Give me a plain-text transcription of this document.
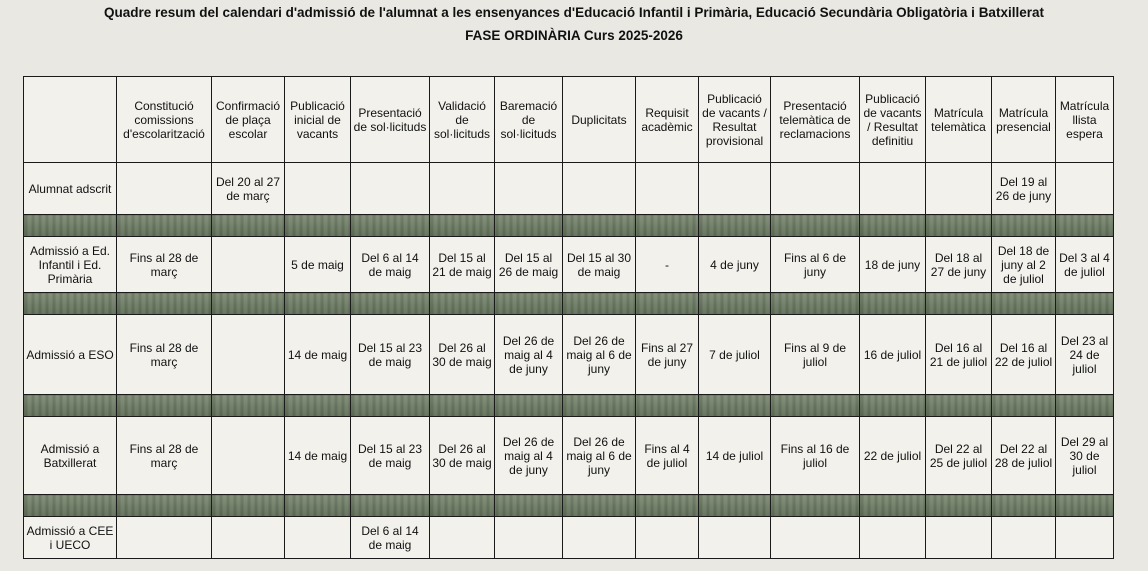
Quadre resum del calendari d'admissió de l'alumnat a les ensenyances d'Educació Infantil i Primària, Educació Secundària Obligatòria i Batxillerat
FASE ORDINÀRIA Curs 2025-2026
	Constitució comissions d'escolarització	Confirmació de plaça escolar	Publicació inicial de vacants	Presentació de sol·licituds	Validació de sol·licituds	Baremació de sol·licituds	Duplicitats	Requisit acadèmic	Publicació de vacants / Resultat provisional	Presentació telemàtica de reclamacions	Publicació de vacants / Resultat definitiu	Matrícula telemàtica	Matrícula presencial	Matrícula llista espera
Alumnat adscrit		Del 20 al 27 de març											Del 19 al 26 de juny	

Admissió a Ed. Infantil i Ed. Primària	Fins al 28 de març		5 de maig	Del 6 al 14 de maig	Del 15 al 21 de maig	Del 15 al 26 de maig	Del 15 al 30 de maig	-	4 de juny	Fins al 6 de juny	18 de juny	Del 18 al 27 de juny	Del 18 de juny al 2 de juliol	Del 3 al 4 de juliol

Admissió a ESO	Fins al 28 de març		14 de maig	Del 15 al 23 de maig	Del 26 al 30 de maig	Del 26 de maig al 4 de juny	Del 26 de maig al 6 de juny	Fins al 27 de juny	7 de juliol	Fins al 9 de juliol	16 de juliol	Del 16 al 21 de juliol	Del 16 al 22 de juliol	Del 23 al 24 de juliol

Admissió a Batxillerat	Fins al 28 de març		14 de maig	Del 15 al 23 de maig	Del 26 al 30 de maig	Del 26 de maig al 4 de juny	Del 26 de maig al 6 de juny	Fins al 4 de juliol	14 de juliol	Fins al 16 de juliol	22 de juliol	Del 22 al 25 de juliol	Del 22 al 28 de juliol	Del 29 al 30 de juliol

Admissió a CEE i UECO				Del 6 al 14 de maig										
